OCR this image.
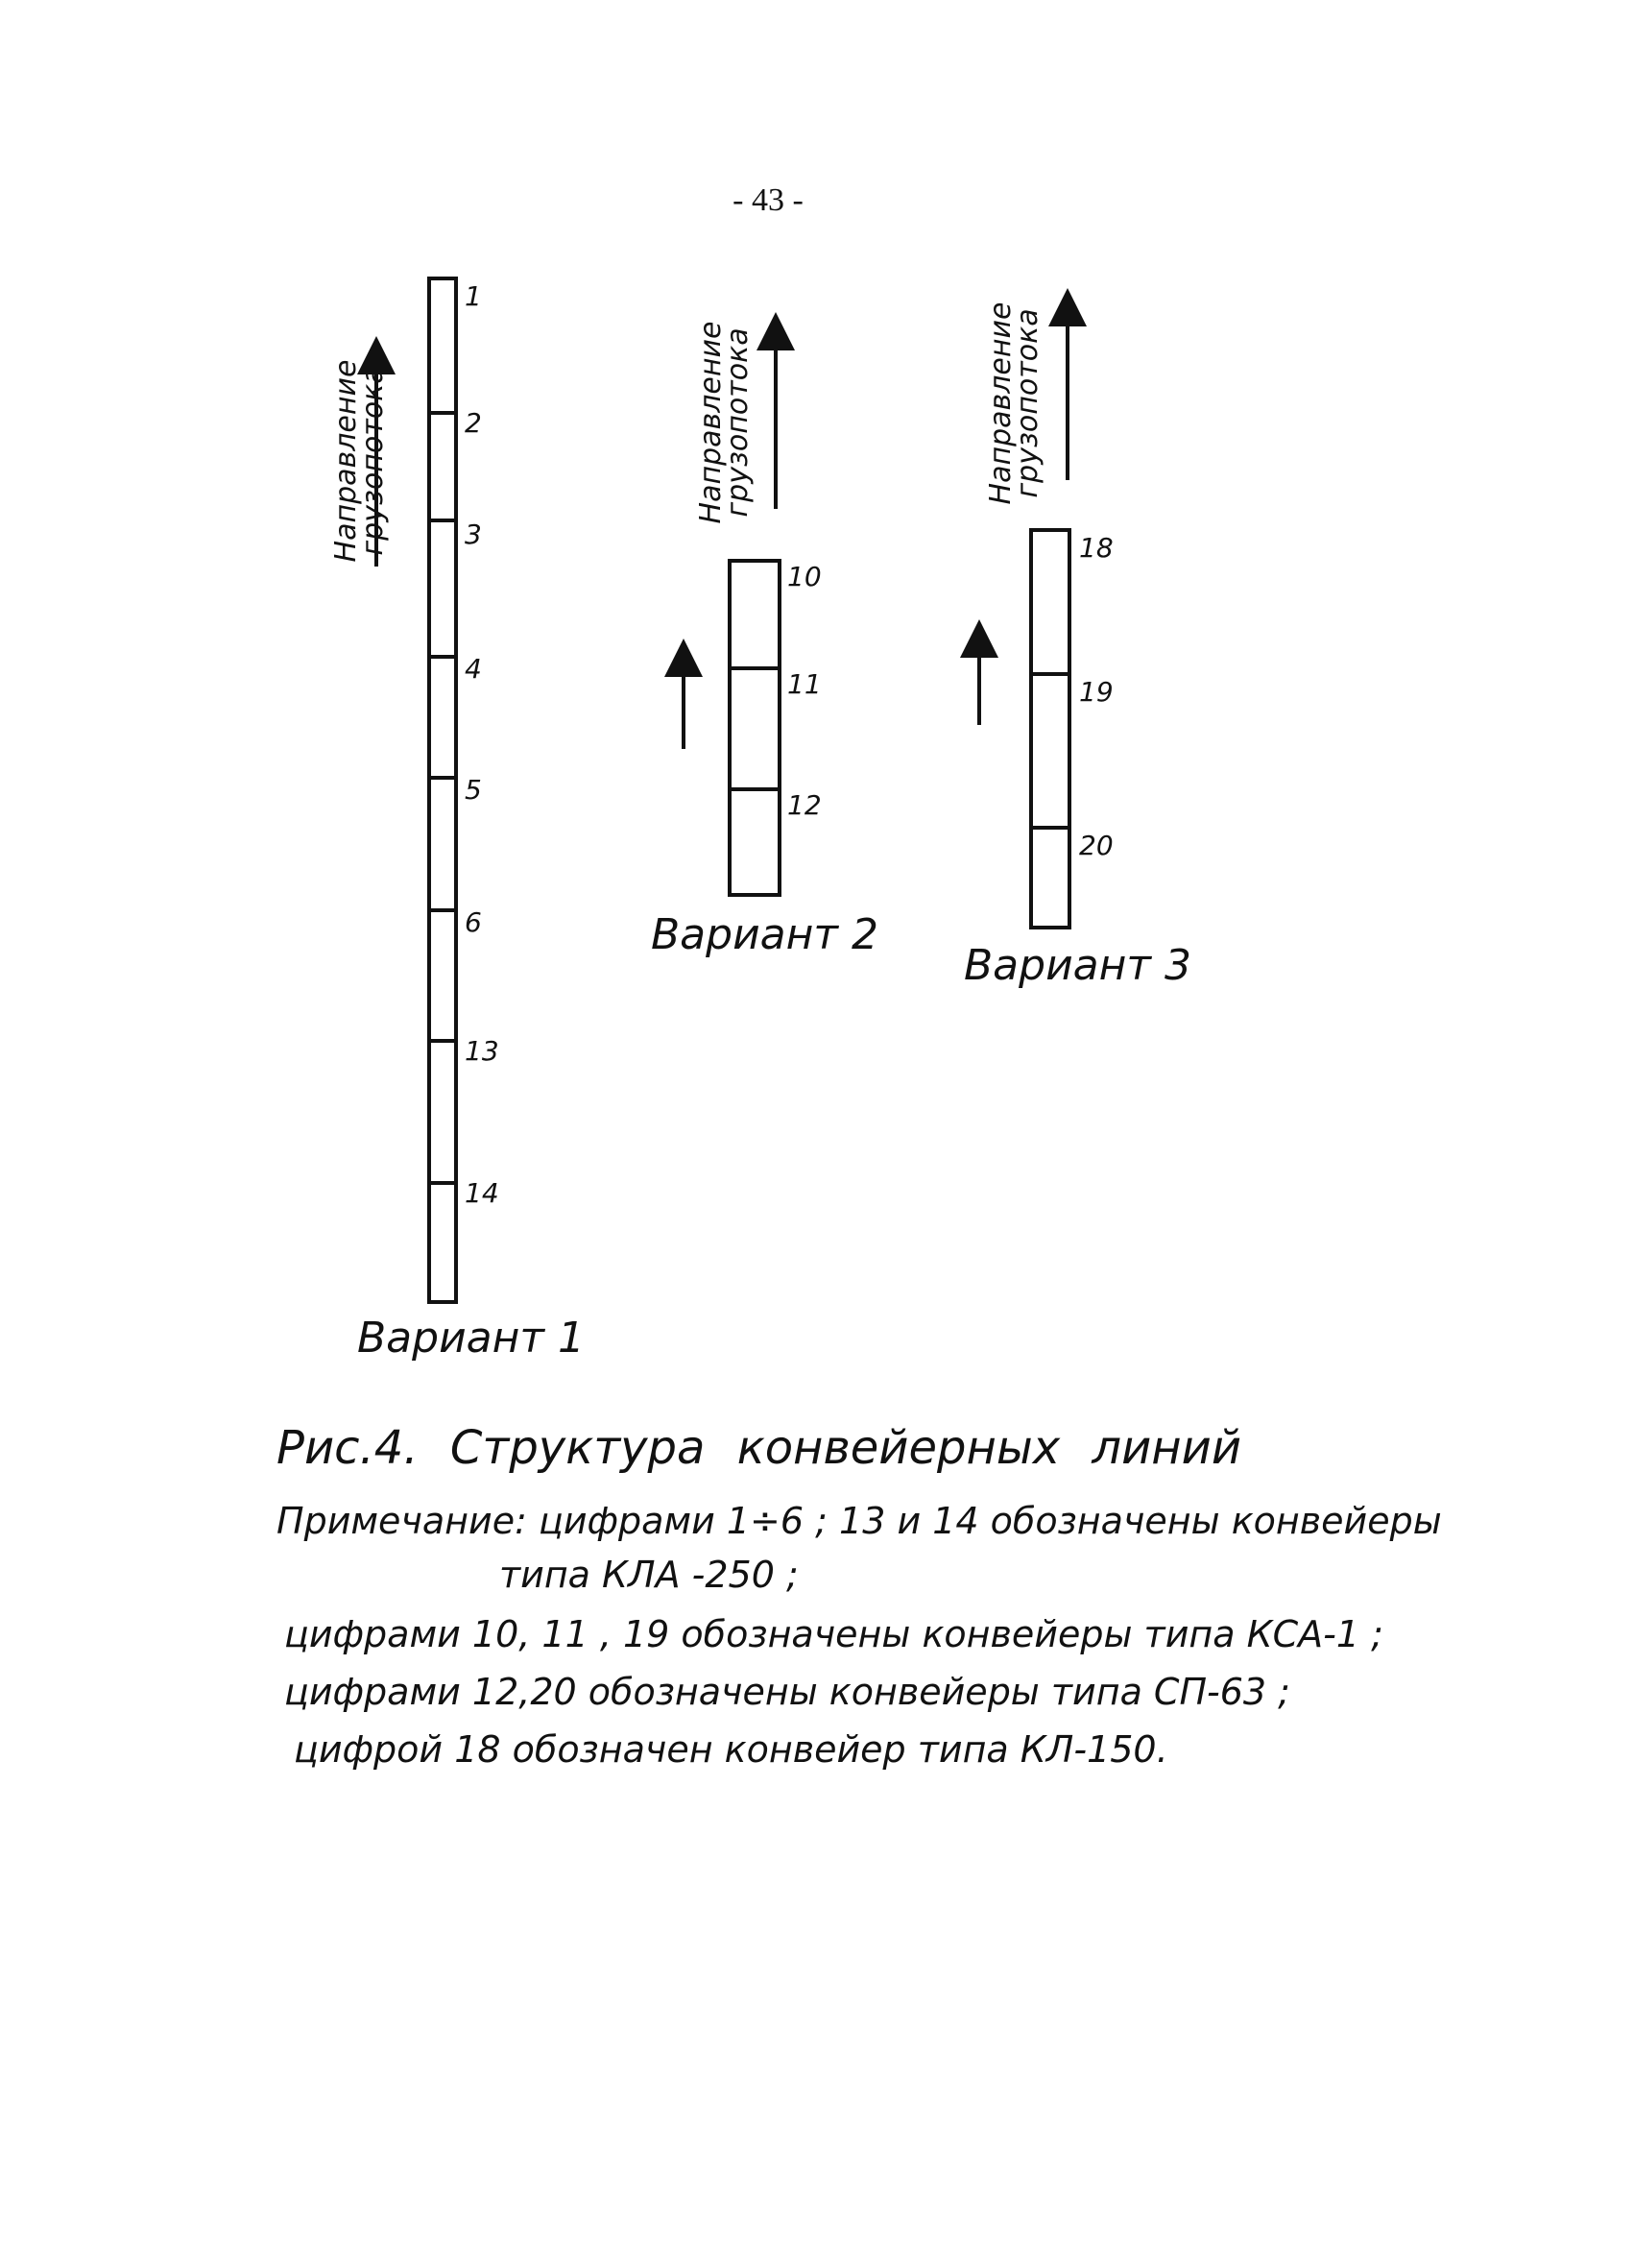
- 43 -
Направление
грузопотока
1
2
3
4
5
6
13
14
Вариант 1
Направление
грузопотока
10
11
12
Вариант 2
Направление
грузопотока
18
19
20
Вариант 3
Рис.4. Структура конвейерных линий
Примечание: цифрами 1÷6 ; 13 и 14 обозначены конвейеры
типа КЛА -250 ;
цифрами 10, 11 , 19 обозначены конвейеры типа КСА-1 ;
цифрами 12,20 обозначены конвейеры типа СП-63 ;
цифрой 18 обозначен конвейер типа КЛ-150.
